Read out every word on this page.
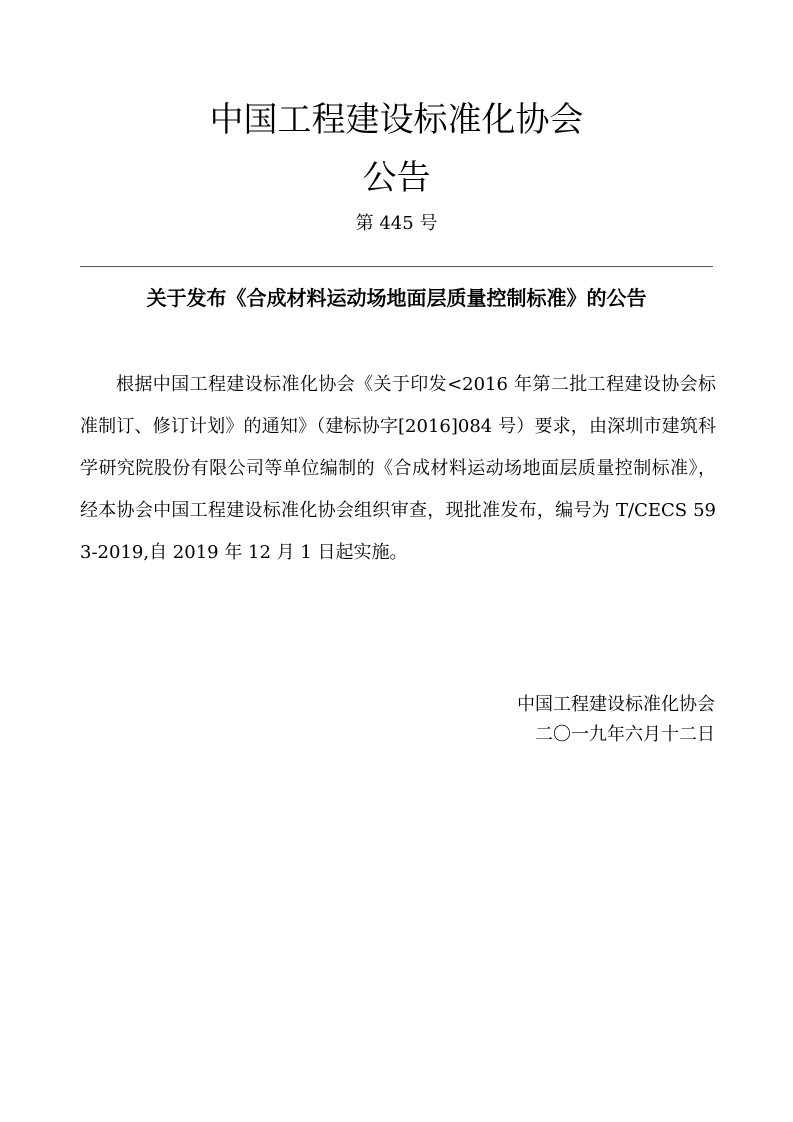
中国工程建设标准化协会
公告
第 445 号
关于发布《合成材料运动场地面层质量控制标准》的公告

根据中国工程建设标准化协会《关于印发<2016 年第二批工程建设协会标准制订、修订计划》的通知》（建标协字[2016]084 号）要求，由深圳市建筑科学研究院股份有限公司等单位编制的《合成材料运动场地面层质量控制标准》，经本协会中国工程建设标准化协会组织审查，现批准发布，编号为 T/CECS 593-2019,自 2019 年 12 月 1 日起实施。

中国工程建设标准化协会
二〇一九年六月十二日
